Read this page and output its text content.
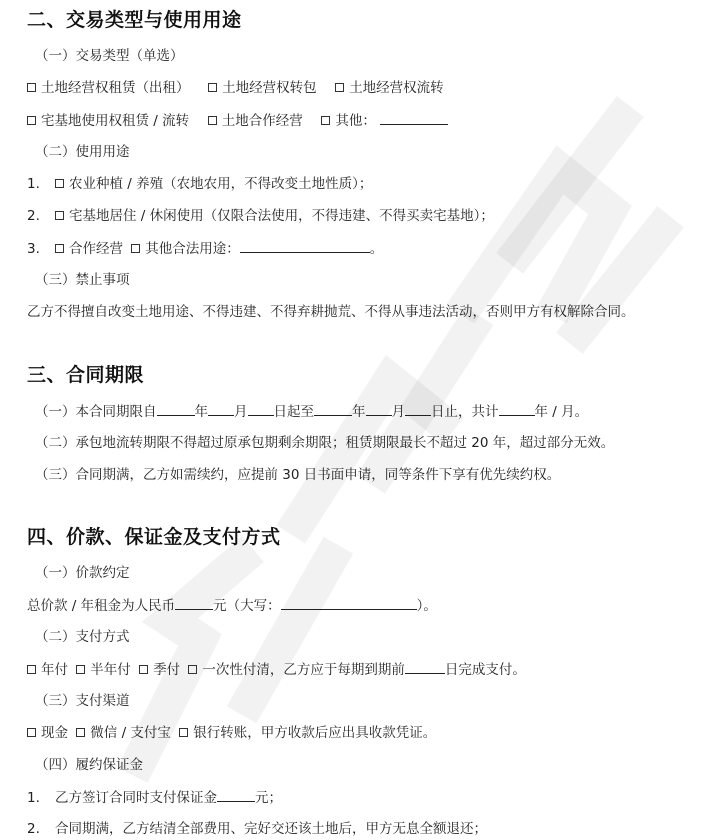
二、交易类型与使用用途
（一）交易类型（单选）
土地经营权租赁（出租） 土地经营权转包 土地经营权流转
宅基地使用权租赁 / 流转 土地合作经营 其他：
（二）使用用途
1. 农业种植 / 养殖（农地农用，不得改变土地性质）；
2. 宅基地居住 / 休闲使用（仅限合法使用，不得违建、不得买卖宅基地）；
3. 合作经营 其他合法用途：	。
（三）禁止事项
乙方不得擅自改变土地用途、不得违建、不得弃耕抛荒、不得从事违法活动，否则甲方有权解除合同。
三、合同期限
（一）本合同期限自	年 月 日起至	年 月 日止，共计	年 / 月。
（二）承包地流转期限不得超过原承包期剩余期限；租赁期限最长不超过 20 年，超过部分无效。
（三）合同期满，乙方如需续约，应提前 30 日书面申请，同等条件下享有优先续约权。
四、价款、保证金及支付方式
（一）价款约定
总价款 / 年租金为人民币	元（大写：	）。
（二）支付方式
年付 半年付 季付 一次性付清，乙方应于每期到期前	日完成支付。
（三）支付渠道
现金 微信 / 支付宝 银行转账，甲方收款后应出具收款凭证。
（四）履约保证金
1. 乙方签订合同时支付保证金	元；
2. 合同期满，乙方结清全部费用、完好交还该土地后，甲方无息全额退还；
